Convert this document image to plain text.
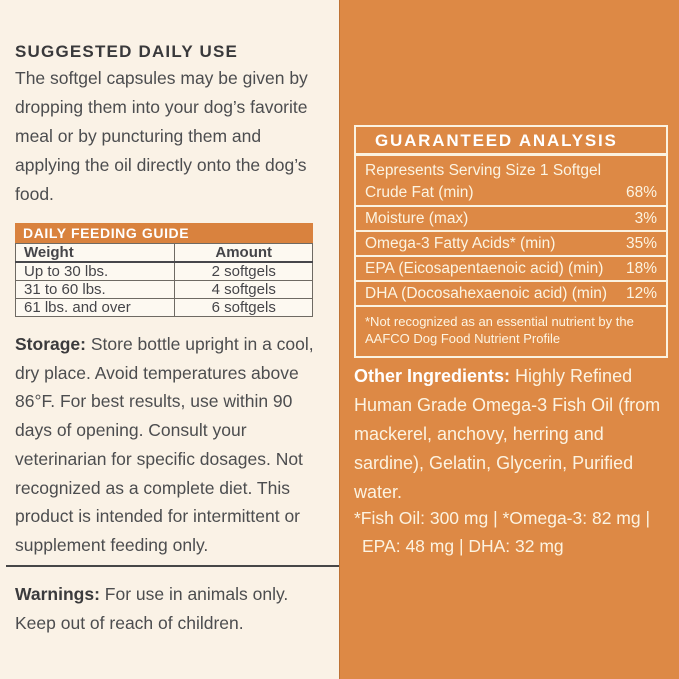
SUGGESTED DAILY USE
The softgel capsules may be given by dropping them into your dog’s favorite meal or by puncturing them and applying the oil directly onto the dog’s food.
DAILY FEEDING GUIDE
Weight	Amount
Up to 30 lbs.	2 softgels
31 to 60 lbs.	4 softgels
61 lbs. and over	6 softgels
Storage: Store bottle upright in a cool, dry place. Avoid temperatures above 86°F. For best results, use within 90 days of opening. Consult your veterinarian for specific dosages. Not recognized as a complete diet. This product is intended for intermittent or supplement feeding only.
Warnings: For use in animals only. Keep out of reach of children.
GUARANTEED ANALYSIS
Represents Serving Size 1 Softgel
Crude Fat (min)	68%
Moisture (max)	3%
Omega-3 Fatty Acids* (min)	35%
EPA (Eicosapentaenoic acid) (min) 18%
DHA (Docosahexaenoic acid) (min) 12%
*Not recognized as an essential nutrient by the AAFCO Dog Food Nutrient Profile
Other Ingredients: Highly Refined Human Grade Omega-3 Fish Oil (from mackerel, anchovy, herring and sardine), Gelatin, Glycerin, Purified water.
*Fish Oil: 300 mg | *Omega-3: 82 mg |
EPA: 48 mg | DHA: 32 mg
